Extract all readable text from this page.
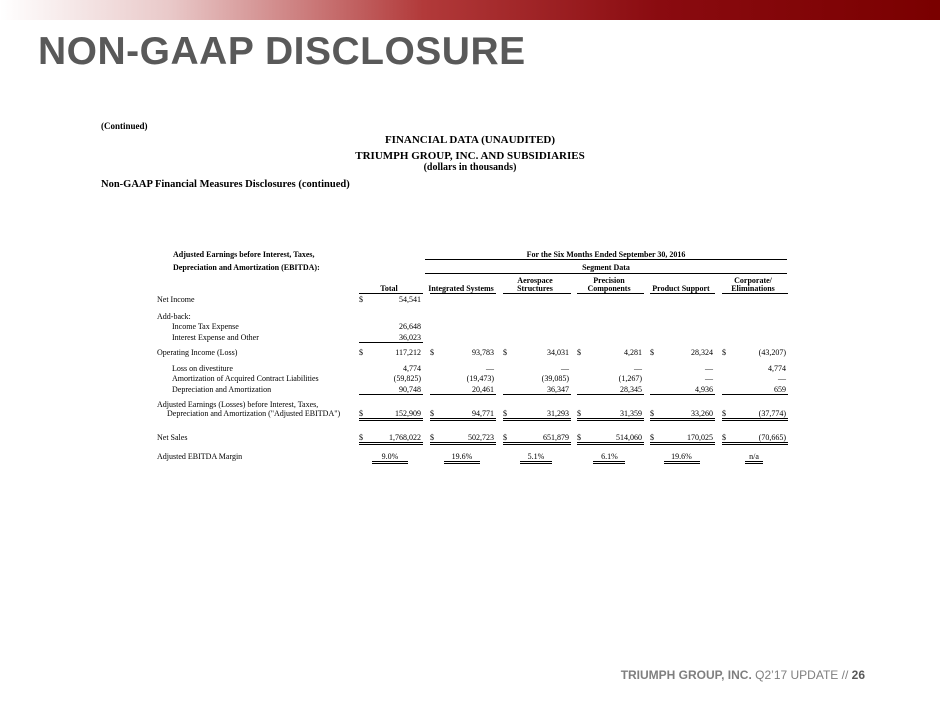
NON-GAAP DISCLOSURE
(Continued)
FINANCIAL DATA (UNAUDITED)
TRIUMPH GROUP, INC. AND SUBSIDIARIES
(dollars in thousands)
Non-GAAP Financial Measures Disclosures (continued)
Adjusted Earnings before Interest, Taxes,
Depreciation and Amortization (EBITDA):
For the Six Months Ended September 30, 2016
Segment Data
Total	Integrated Systems
Aerospace
Structures
Precision
Components	Product Support
Corporate/
Eliminations
Net Income	$	54,541
Add-back:
Income Tax Expense	26,648
Interest Expense and Other	36,023
Operating Income (Loss)	$	117,212 $	93,783 $	34,031 $	4,281 $	28,324 $	(43,207)
Loss on divestiture	4,774	—	—	—	—	4,774
Amortization of Acquired Contract Liabilities	(59,825)	(19,473)	(39,085)	(1,267)	—	—
Depreciation and Amortization	90,748	20,461	36,347	28,345	4,936	659
Adjusted Earnings (Losses) before Interest, Taxes,
Depreciation and Amortization ("Adjusted EBITDA") $	152,909 $	94,771 $	31,293 $	31,359 $	33,260 $	(37,774)
Net Sales	$	1,768,022 $	502,723 $	651,879 $	514,060 $	170,025 $	(70,665)
Adjusted EBITDA Margin	9.0%	19.6%	5.1%	6.1%	19.6%	n/a
TRIUMPH GROUP, INC. Q2’17 UPDATE // 26
